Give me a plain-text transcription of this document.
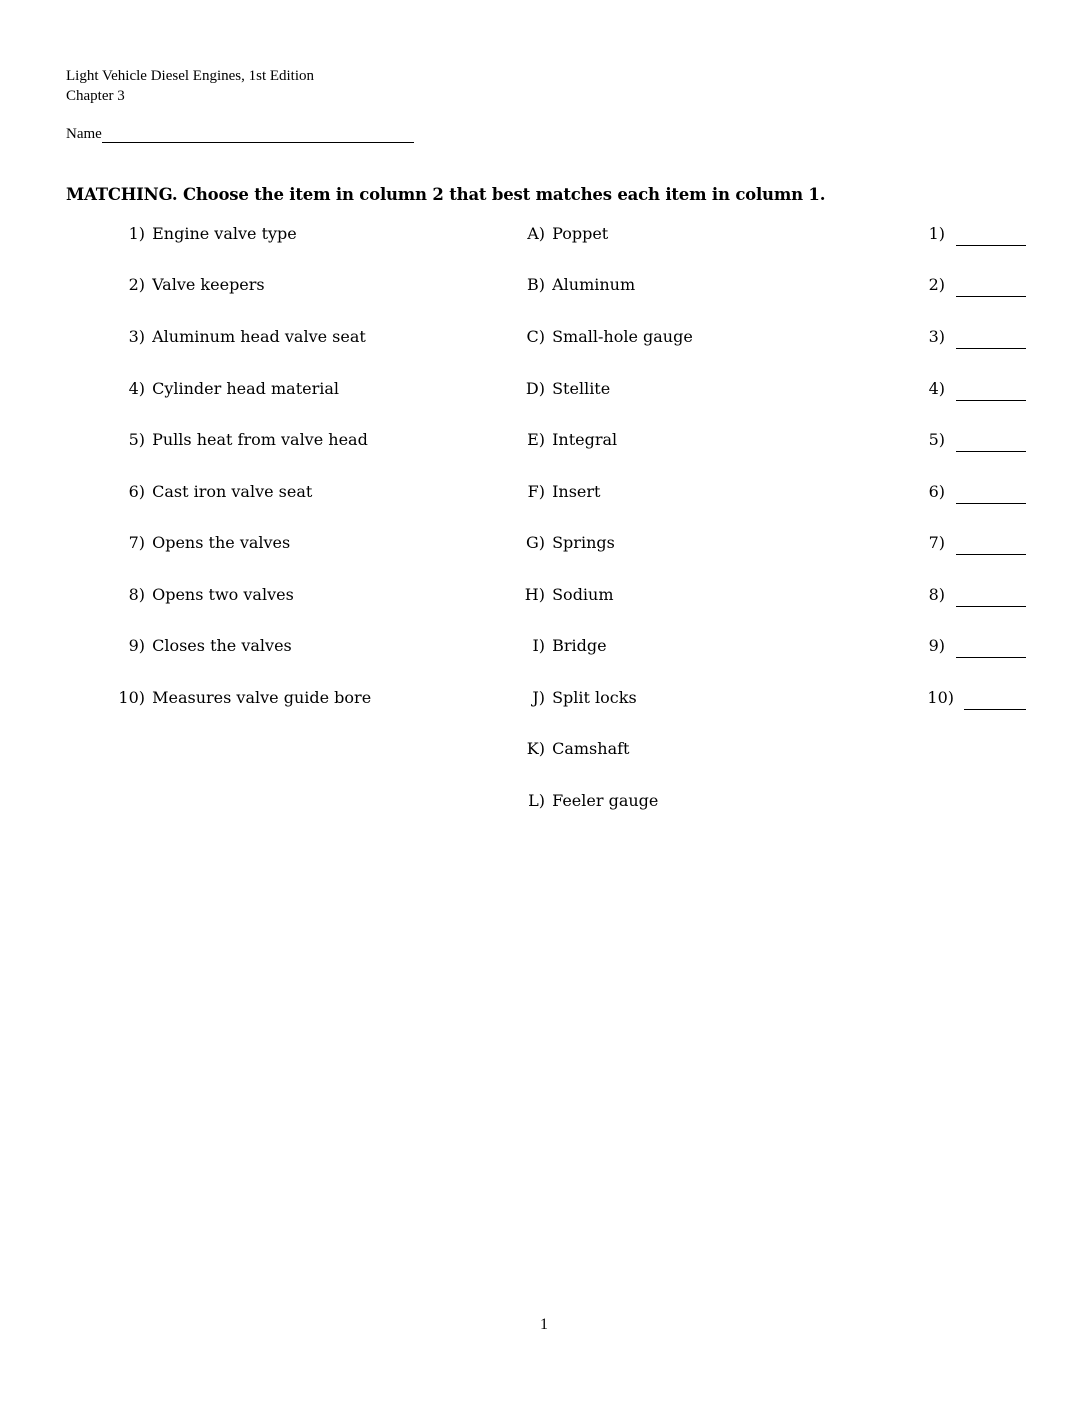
Light Vehicle Diesel Engines, 1st Edition
Chapter 3
Name
MATCHING. Choose the item in column 2 that best matches each item in column 1.
1) Engine valve type
2) Valve keepers
3) Aluminum head valve seat
4) Cylinder head material
5) Pulls heat from valve head
6) Cast iron valve seat
7) Opens the valves
8) Opens two valves
9) Closes the valves
10) Measures valve guide bore
A) Poppet
B) Aluminum
C) Small-hole gauge
D) Stellite
E) Integral
F) Insert
G) Springs
H) Sodium
I) Bridge
J) Split locks
K) Camshaft
L) Feeler gauge
1)
2)
3)
4)
5)
6)
7)
8)
9)
10)
1
